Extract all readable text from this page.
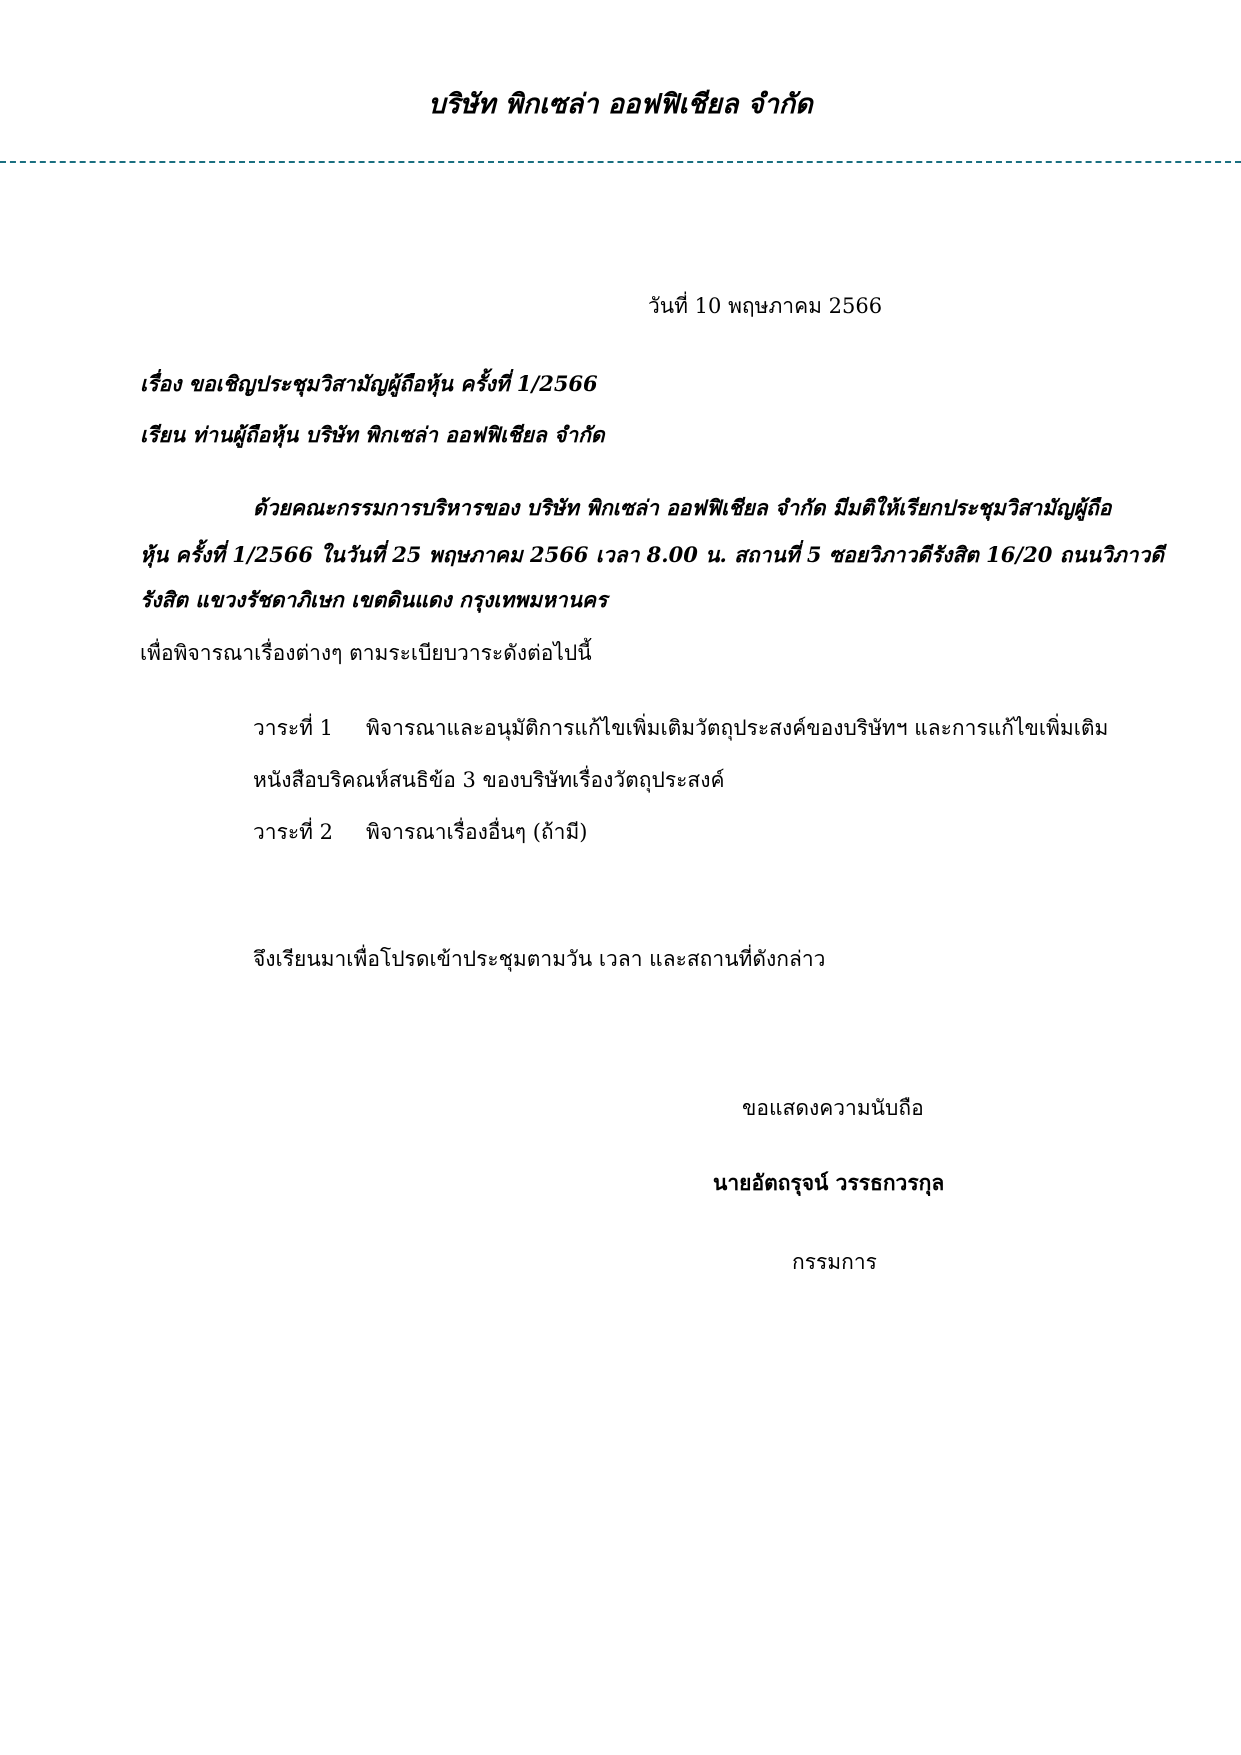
บริษัท พิกเซล่า ออฟฟิเชียล จำกัด
วันที่ 10 พฤษภาคม 2566
เรื่อง ขอเชิญประชุมวิสามัญผู้ถือหุ้น ครั้งที่ 1/2566
เรียน ท่านผู้ถือหุ้น บริษัท พิกเซล่า ออฟฟิเชียล จำกัด
ด้วยคณะกรรมการบริหารของ บริษัท พิกเซล่า ออฟฟิเชียล จำกัด มีมติให้เรียกประชุมวิสามัญผู้ถือ
หุ้น ครั้งที่ 1/2566 ในวันที่ 25 พฤษภาคม 2566 เวลา 8.00 น. สถานที่ 5 ซอยวิภาวดีรังสิต 16/20 ถนนวิภาวดี
รังสิต แขวงรัชดาภิเษก เขตดินแดง กรุงเทพมหานคร
เพื่อพิจารณาเรื่องต่างๆ ตามระเบียบวาระดังต่อไปนี้
วาระที่ 1 พิจารณาและอนุมัติการแก้ไขเพิ่มเติมวัตถุประสงค์ของบริษัทฯ และการแก้ไขเพิ่มเติม
หนังสือบริคณห์สนธิข้อ 3 ของบริษัทเรื่องวัตถุประสงค์
วาระที่ 2 พิจารณาเรื่องอื่นๆ (ถ้ามี)
จึงเรียนมาเพื่อโปรดเข้าประชุมตามวัน เวลา และสถานที่ดังกล่าว
ขอแสดงความนับถือ
นายอัตถรุจน์ วรรธกวรกุล
กรรมการ
